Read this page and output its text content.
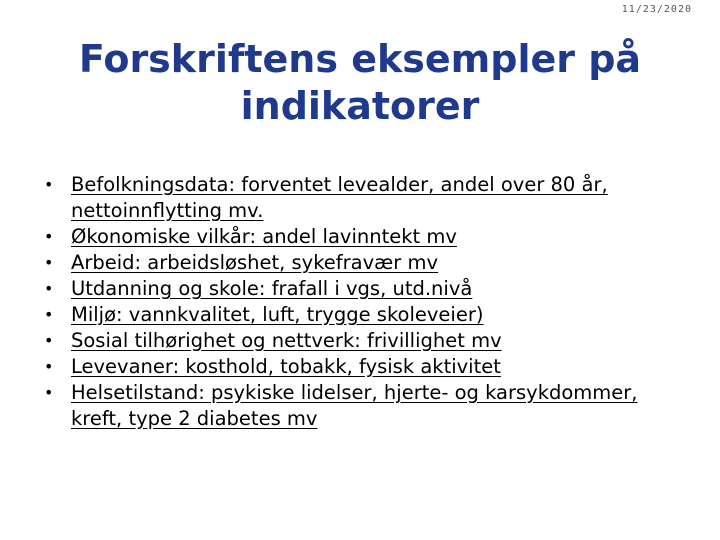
11/23/2020
Forskriftens eksempler på
indikatorer
• Befolkningsdata: forventet levealder, andel over 80 år, nettoinnflytting mv.
• Økonomiske vilkår: andel lavinntekt mv
• Arbeid: arbeidsløshet, sykefravær mv
• Utdanning og skole: frafall i vgs, utd.nivå
• Miljø: vannkvalitet, luft, trygge skoleveier)
• Sosial tilhørighet og nettverk: frivillighet mv
• Levevaner: kosthold, tobakk, fysisk aktivitet
• Helsetilstand: psykiske lidelser, hjerte- og karsykdommer, kreft, type 2 diabetes mv
